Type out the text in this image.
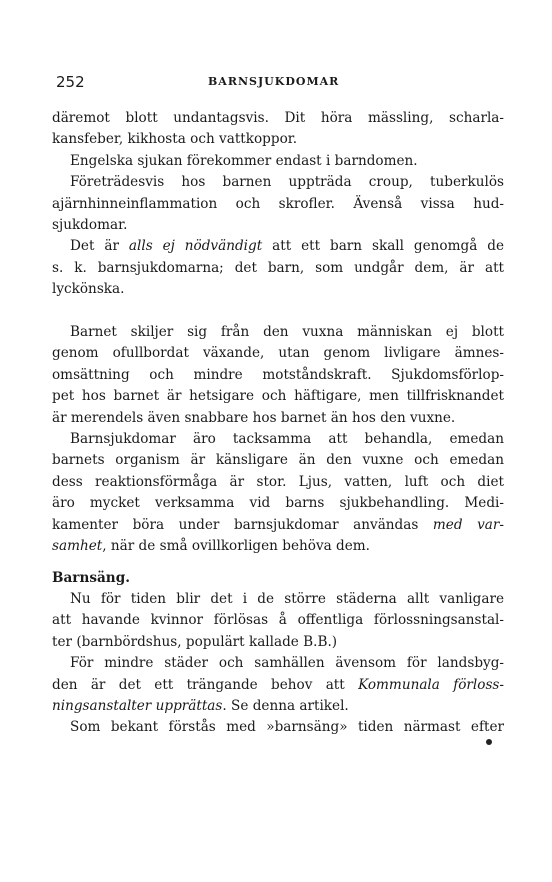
252	BARNSJUKDOMAR
däremot blott undantagsvis. Dit höra mässling, scharla-
kansfeber, kikhosta och vattkoppor.
Engelska sjukan förekommer endast i barndomen.
Företrädesvis hos barnen uppträda croup, tuberkulös
ajärnhinneinflammation och skrofler. Ävenså vissa hud-
sjukdomar.
Det är alls ej nödvändigt att ett barn skall genomgå de
s. k. barnsjukdomarna; det barn, som undgår dem, är att
lyckönska.
Barnet skiljer sig från den vuxna människan ej blott
genom ofullbordat växande, utan genom livligare ämnes-
omsättning och mindre motståndskraft. Sjukdomsförlop-
pet hos barnet är hetsigare och häftigare, men tillfrisknandet
är merendels även snabbare hos barnet än hos den vuxne.
Barnsjukdomar äro tacksamma att behandla, emedan
barnets organism är känsligare än den vuxne och emedan
dess reaktionsförmåga är stor. Ljus, vatten, luft och diet
äro mycket verksamma vid barns sjukbehandling. Medi-
kamenter böra under barnsjukdomar användas med var-
samhet, när de små ovillkorligen behöva dem.
Barnsäng.
Nu för tiden blir det i de större städerna allt vanligare
att havande kvinnor förlösas å offentliga förlossningsanstal-
ter (barnbördshus, populärt kallade B.B.)
För mindre städer och samhällen ävensom för landsbyg-
den är det ett trängande behov att Kommunala förloss-
ningsanstalter upprättas. Se denna artikel.
Som bekant förstås med »barnsäng» tiden närmast efter
